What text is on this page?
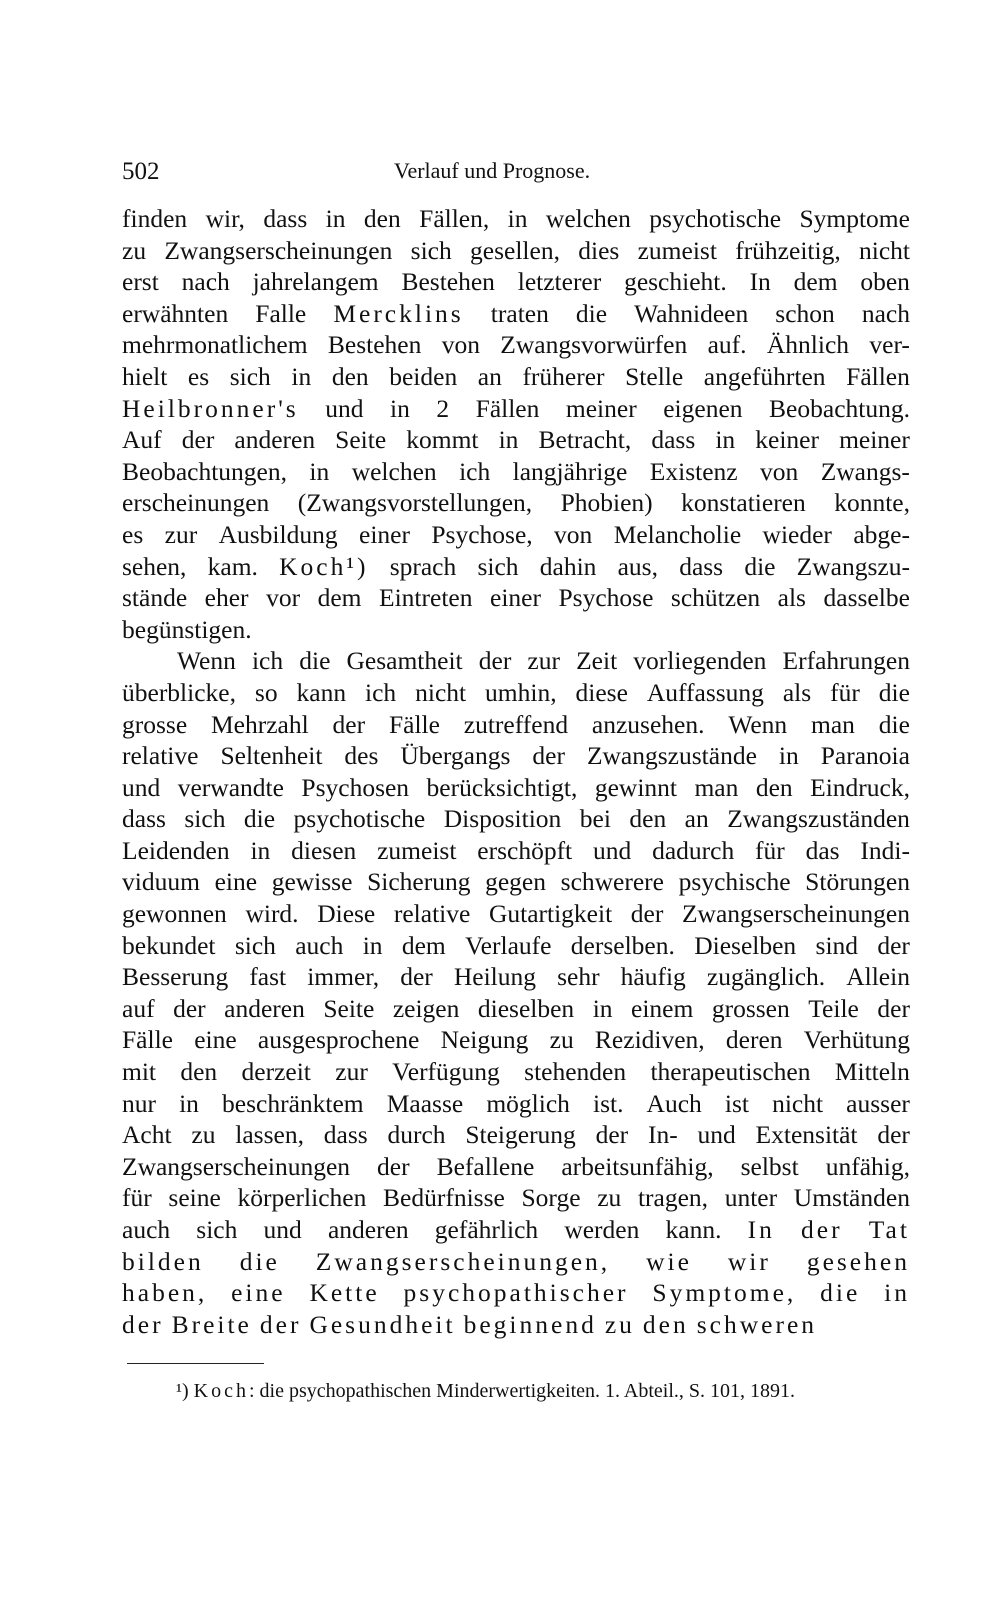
502	Verlauf und Prognose.
finden wir, dass in den Fällen, in welchen psychotische Symptome
zu Zwangserscheinungen sich gesellen, dies zumeist frühzeitig, nicht
erst nach jahrelangem Bestehen letzterer geschieht. In dem oben
erwähnten Falle Mercklins traten die Wahnideen schon nach
mehrmonatlichem Bestehen von Zwangsvorwürfen auf. Ähnlich ver-
hielt es sich in den beiden an früherer Stelle angeführten Fällen
Heilbronner's und in 2 Fällen meiner eigenen Beobachtung.
Auf der anderen Seite kommt in Betracht, dass in keiner meiner
Beobachtungen, in welchen ich langjährige Existenz von Zwangs-
erscheinungen (Zwangsvorstellungen, Phobien) konstatieren konnte,
es zur Ausbildung einer Psychose, von Melancholie wieder abge-
sehen, kam. Koch¹) sprach sich dahin aus, dass die Zwangszu-
stände eher vor dem Eintreten einer Psychose schützen als dasselbe
begünstigen.
Wenn ich die Gesamtheit der zur Zeit vorliegenden Erfahrungen
überblicke, so kann ich nicht umhin, diese Auffassung als für die
grosse Mehrzahl der Fälle zutreffend anzusehen. Wenn man die
relative Seltenheit des Übergangs der Zwangszustände in Paranoia
und verwandte Psychosen berücksichtigt, gewinnt man den Eindruck,
dass sich die psychotische Disposition bei den an Zwangszuständen
Leidenden in diesen zumeist erschöpft und dadurch für das Indi-
viduum eine gewisse Sicherung gegen schwerere psychische Störungen
gewonnen wird. Diese relative Gutartigkeit der Zwangserscheinungen
bekundet sich auch in dem Verlaufe derselben. Dieselben sind der
Besserung fast immer, der Heilung sehr häufig zugänglich. Allein
auf der anderen Seite zeigen dieselben in einem grossen Teile der
Fälle eine ausgesprochene Neigung zu Rezidiven, deren Verhütung
mit den derzeit zur Verfügung stehenden therapeutischen Mitteln
nur in beschränktem Maasse möglich ist. Auch ist nicht ausser
Acht zu lassen, dass durch Steigerung der In- und Extensität der
Zwangserscheinungen der Befallene arbeitsunfähig, selbst unfähig,
für seine körperlichen Bedürfnisse Sorge zu tragen, unter Umständen
auch sich und anderen gefährlich werden kann. In der Tat
bilden die Zwangserscheinungen, wie wir gesehen
haben, eine Kette psychopathischer Symptome, die in
der Breite der Gesundheit beginnend zu den schweren
¹) Koch: die psychopathischen Minderwertigkeiten. 1. Abteil., S. 101, 1891.
